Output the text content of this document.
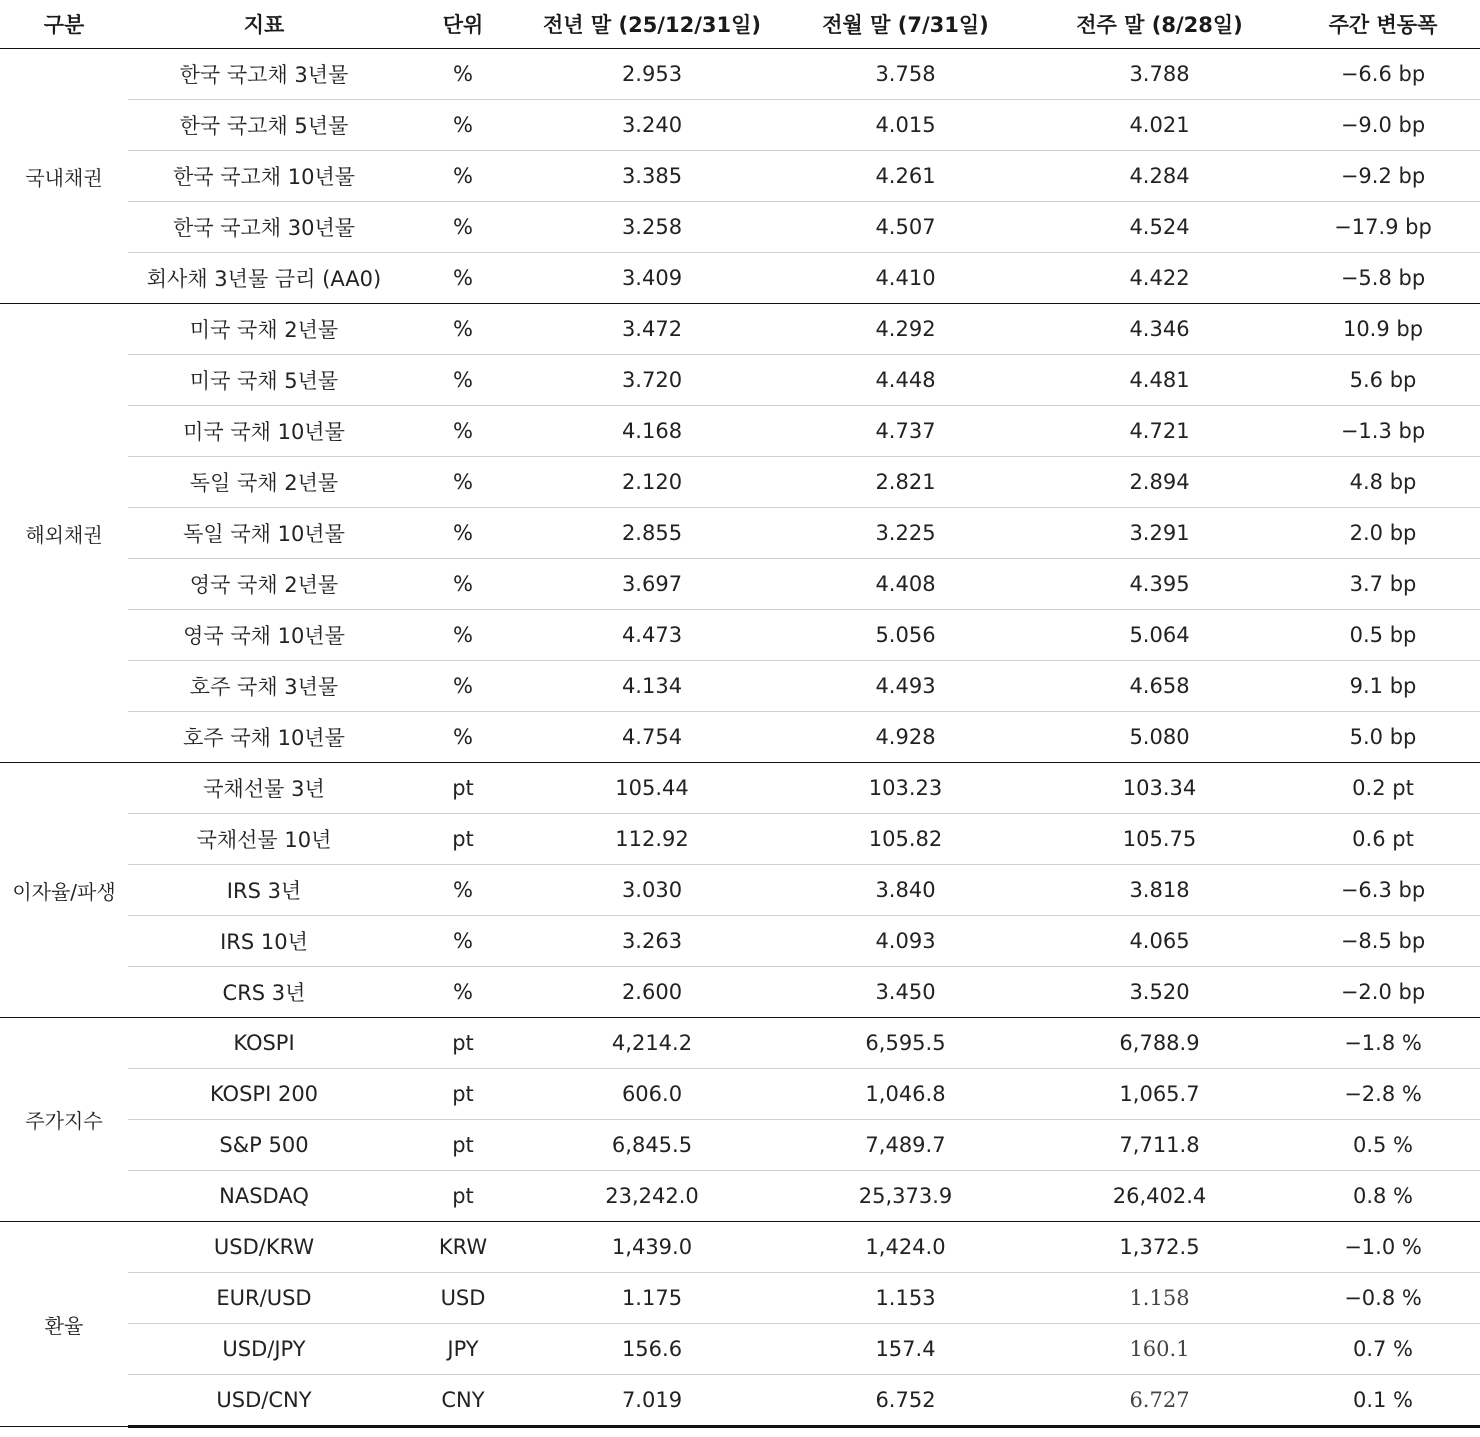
구분	지표	단위	전년 말 (25/12/31일)	전월 말 (7/31일)	전주 말 (8/28일)	주간 변동폭
국내채권	한국 국고채 3년물	%	2.953	3.758	3.788	−6.6 bp
	한국 국고채 5년물	%	3.240	4.015	4.021	−9.0 bp
	한국 국고채 10년물	%	3.385	4.261	4.284	−9.2 bp
	한국 국고채 30년물	%	3.258	4.507	4.524	−17.9 bp
	회사채 3년물 금리 (AA0)	%	3.409	4.410	4.422	−5.8 bp
해외채권	미국 국채 2년물	%	3.472	4.292	4.346	10.9 bp
	미국 국채 5년물	%	3.720	4.448	4.481	5.6 bp
	미국 국채 10년물	%	4.168	4.737	4.721	−1.3 bp
	독일 국채 2년물	%	2.120	2.821	2.894	4.8 bp
	독일 국채 10년물	%	2.855	3.225	3.291	2.0 bp
	영국 국채 2년물	%	3.697	4.408	4.395	3.7 bp
	영국 국채 10년물	%	4.473	5.056	5.064	0.5 bp
	호주 국채 3년물	%	4.134	4.493	4.658	9.1 bp
	호주 국채 10년물	%	4.754	4.928	5.080	5.0 bp
이자율/파생	국채선물 3년	pt	105.44	103.23	103.34	0.2 pt
	국채선물 10년	pt	112.92	105.82	105.75	0.6 pt
	IRS 3년	%	3.030	3.840	3.818	−6.3 bp
	IRS 10년	%	3.263	4.093	4.065	−8.5 bp
	CRS 3년	%	2.600	3.450	3.520	−2.0 bp
주가지수	KOSPI	pt	4,214.2	6,595.5	6,788.9	−1.8 %
	KOSPI 200	pt	606.0	1,046.8	1,065.7	−2.8 %
	S&P 500	pt	6,845.5	7,489.7	7,711.8	0.5 %
	NASDAQ	pt	23,242.0	25,373.9	26,402.4	0.8 %
환율	USD/KRW	KRW	1,439.0	1,424.0	1,372.5	−1.0 %
	EUR/USD	USD	1.175	1.153	1.158	−0.8 %
	USD/JPY	JPY	156.6	157.4	160.1	0.7 %
	USD/CNY	CNY	7.019	6.752	6.727	0.1 %
